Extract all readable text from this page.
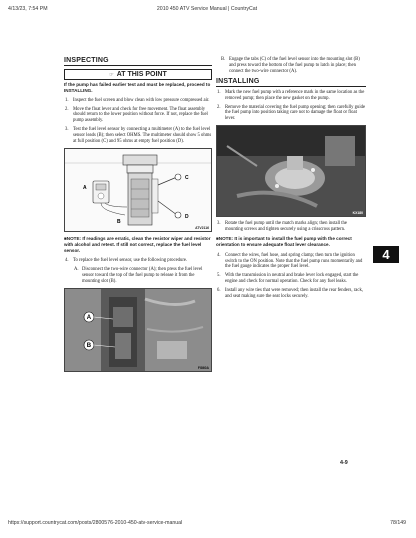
4/13/23, 7:54 PM	2010 450 ATV Service Manual | CountryCat
INSPECTING
☞ AT THIS POINT
If the pump has failed earlier test and must be replaced, proceed to INSTALLING.
1. Inspect the fuel screen and blow clean with low pressure compressed air.
2. Move the float lever and check for free movement. The float assembly should return to the lower position without force. If not, replace the fuel pump assembly.
3. Test the fuel level sensor by connecting a multimeter (A) to the fuel level sensor leads (B); then select OHMS. The multimeter should show 5 ohms at full position (C) and 95 ohms at empty fuel position (D).
A
B
C
D
ATV2116
■NOTE: If readings are erratic, clean the resistor wiper and resistor with alcohol and retest. If still not correct, replace the fuel level sensor.
4. To replace the fuel level sensor, use the following procedure.
A. Disconnect the two-wire connector (A); then press the fuel level sensor toward the top of the fuel pump to release it from the mounting slot (B).
A
B
FI860A
B. Engage the tabs (C) of the fuel level sensor into the mounting slot (B) and press toward the bottom of the fuel pump to latch in place; then connect the two-wire connector (A).
INSTALLING
1. Mark the new fuel pump with a reference mark in the same location as the removed pump; then place the new gasket on the pump.
2. Remove the material covering the fuel pump opening; then carefully guide the fuel pump into position taking care not to damage the float or float lever.
KX180
3. Rotate the fuel pump until the match marks align; then install the mounting screws and tighten securely using a crisscross pattern.
■NOTE: It is important to install the fuel pump with the correct orientation to ensure adequate float lever clearance.
4. Connect the wires, fuel hose, and spring clamp; then turn the ignition switch to the ON position. Note that the fuel pump runs momentarily and the fuel gauge indicates the proper fuel level.
5. With the transmission in neutral and brake lever lock engaged, start the engine and check for normal operation. Check for any fuel leaks.
6. Install any wire ties that were removed; then install the rear fenders, rack, and seat making sure the seat locks securely.
4
4-9
https://support.countrycat.com/posts/2800576-2010-450-atv-service-manual	78/149
